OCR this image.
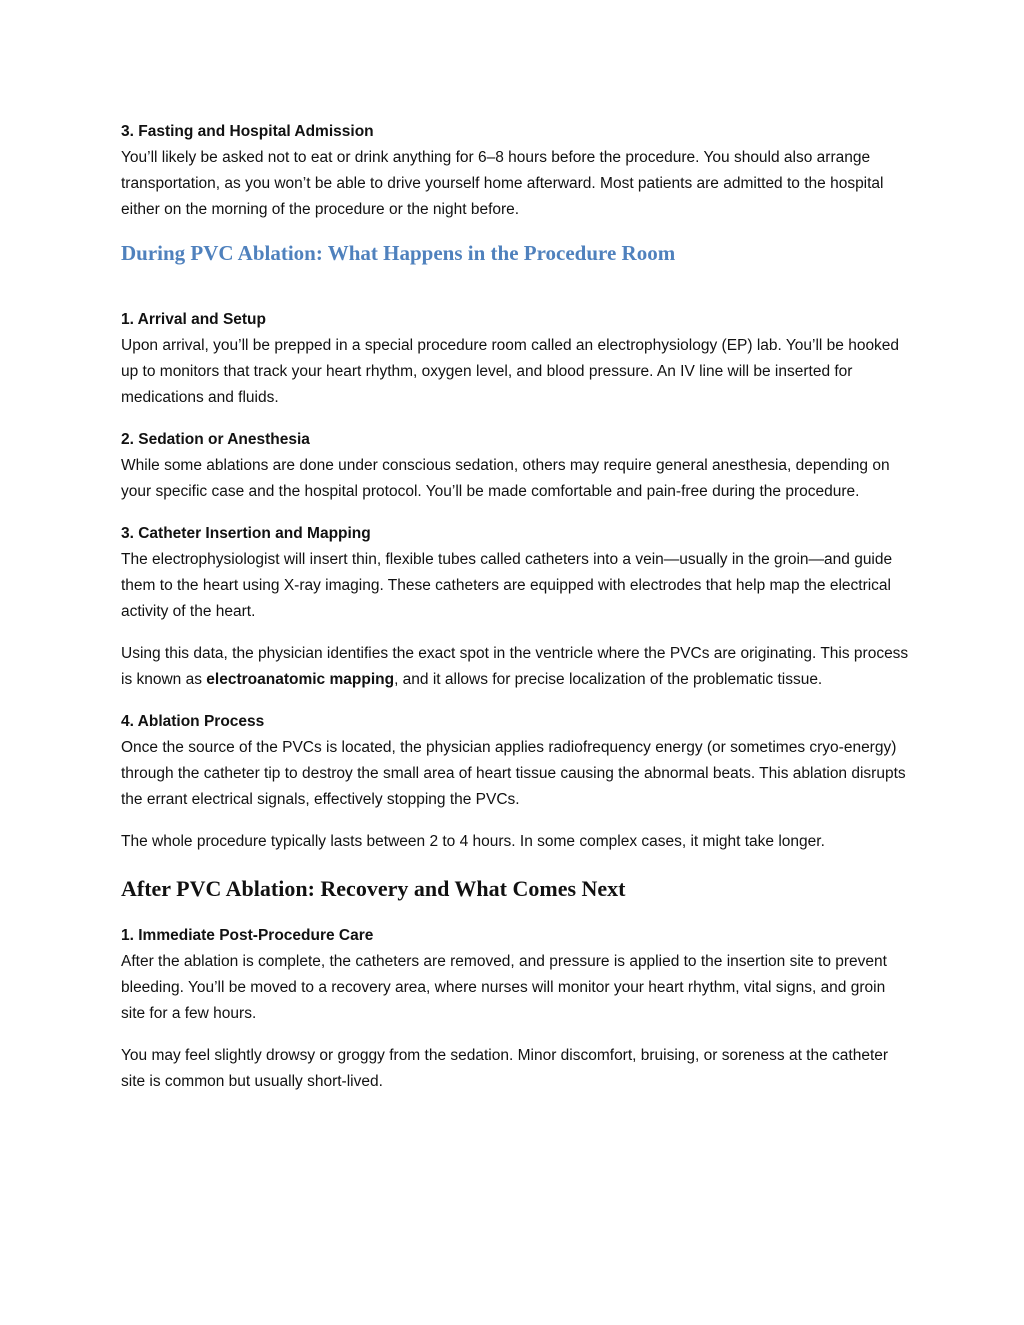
3. Fasting and Hospital Admission

You’ll likely be asked not to eat or drink anything for 6–8 hours before the procedure. You should also arrange transportation, as you won’t be able to drive yourself home afterward. Most patients are admitted to the hospital either on the morning of the procedure or the night before.

During PVC Ablation: What Happens in the Procedure Room

1. Arrival and Setup

Upon arrival, you’ll be prepped in a special procedure room called an electrophysiology (EP) lab. You’ll be hooked up to monitors that track your heart rhythm, oxygen level, and blood pressure. An IV line will be inserted for medications and fluids.

2. Sedation or Anesthesia

While some ablations are done under conscious sedation, others may require general anesthesia, depending on your specific case and the hospital protocol. You’ll be made comfortable and pain-free during the procedure.

3. Catheter Insertion and Mapping

The electrophysiologist will insert thin, flexible tubes called catheters into a vein—usually in the groin—and guide them to the heart using X-ray imaging. These catheters are equipped with electrodes that help map the electrical activity of the heart.

Using this data, the physician identifies the exact spot in the ventricle where the PVCs are originating. This process is known as electroanatomic mapping, and it allows for precise localization of the problematic tissue.

4. Ablation Process

Once the source of the PVCs is located, the physician applies radiofrequency energy (or sometimes cryo-energy) through the catheter tip to destroy the small area of heart tissue causing the abnormal beats. This ablation disrupts the errant electrical signals, effectively stopping the PVCs.

The whole procedure typically lasts between 2 to 4 hours. In some complex cases, it might take longer.

After PVC Ablation: Recovery and What Comes Next

1. Immediate Post-Procedure Care

After the ablation is complete, the catheters are removed, and pressure is applied to the insertion site to prevent bleeding. You’ll be moved to a recovery area, where nurses will monitor your heart rhythm, vital signs, and groin site for a few hours.

You may feel slightly drowsy or groggy from the sedation. Minor discomfort, bruising, or soreness at the catheter site is common but usually short-lived.
